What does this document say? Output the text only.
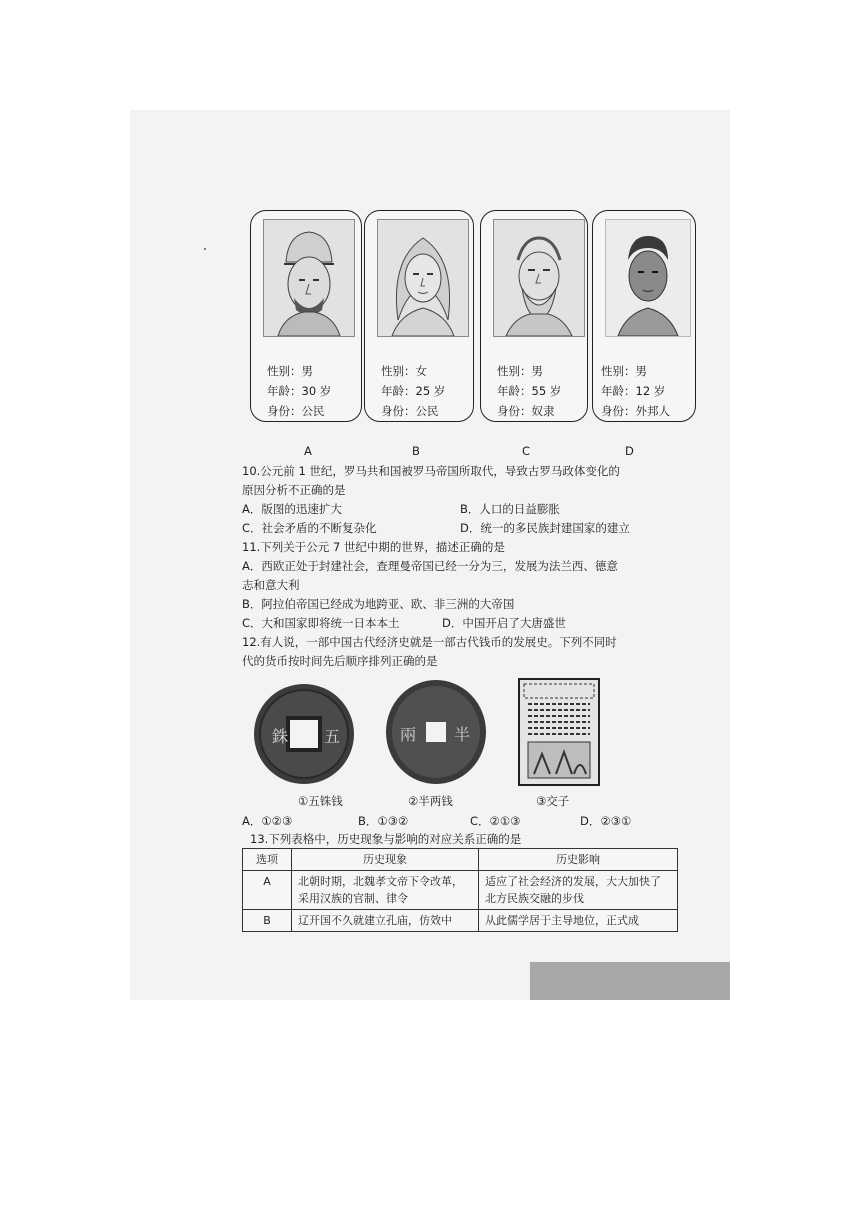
性别：男
年龄：30 岁
身份：公民
A
性别：女
年龄：25 岁
身份：公民
B
性别：男
年龄：55 岁
身份：奴隶
C
性别：男
年龄：12 岁
身份：外邦人
D
10.公元前 1 世纪，罗马共和国被罗马帝国所取代，导致古罗马政体变化的
原因分析不正确的是
A．版图的迅速扩大	B．人口的日益膨胀
C．社会矛盾的不断复杂化	D．统一的多民族封建国家的建立
11.下列关于公元 7 世纪中期的世界，描述正确的是
A．西欧正处于封建社会，查理曼帝国已经一分为三，发展为法兰西、德意
志和意大利
B．阿拉伯帝国已经成为地跨亚、欧、非三洲的大帝国
C．大和国家即将统一日本本土	D．中国开启了大唐盛世
12.有人说，一部中国古代经济史就是一部古代钱币的发展史。下列不同时
代的货币按时间先后顺序排列正确的是
銖 五	兩 半
①五铢钱	②半两钱	③交子
A．①②③	B．①③②	C．②①③	D．②③①
13.下列表格中，历史现象与影响的对应关系正确的是
选项	历史现象	历史影响
A	北朝时期，北魏孝文帝下令改革，采用汉族的官制、律令	适应了社会经济的发展，大大加快了北方民族交融的步伐
B	辽开国不久就建立孔庙，仿效中	从此儒学居于主导地位，正式成
